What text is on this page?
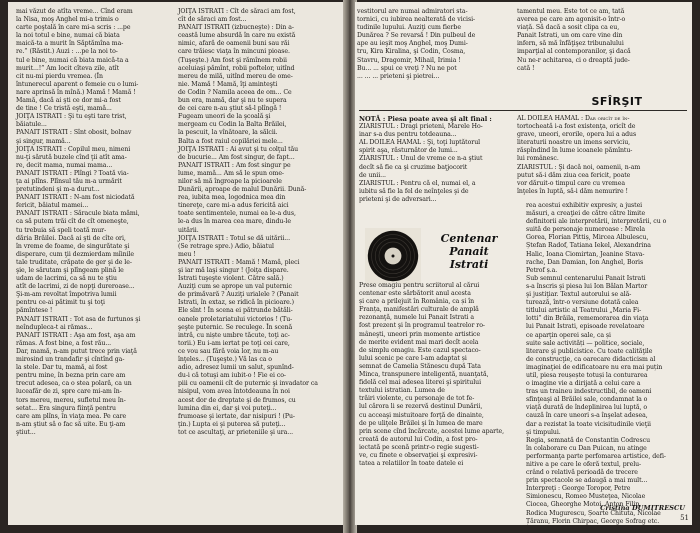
mai văzut de atîta vreme... Cînd eram

la Nisa, moş Anghel mi-a trimis o

carte poştală în care mi-a scris : ...pe

la noi totul e bine, numai că biata

maică-ta a murit în Săptămîna ma-

re.” (Răstit.) Auzi : ...pe la noi to-

tul e bine, numai că biata maică-ta a

murit...!” Am locit cîteva zile, atît

cit nu-mi pierdu vremea. (În

întunerecul aparent o femeie cu o lumi-

nare aprinsă în mînă.) Mamă ! Mamă !

Mamă, dacă ai şti ce dor mi-a fost

de tine ! Ce tristă eşti, mamă...

JOIŢA ISTRATI : Şi tu eşti tare trist,

băiatule...

PANAIT ISTRATI : Sînt obosit, bolnav

şi singur, mamă...

JOIŢA ISTRATI : Copilul meu, nimeni

nu-ţi sărută buzele cînd ţii atît ama-

re, decit mama, numai mama...

PANAIT ISTRATI : Plîngi ? Toată via-

ţa ai plîns. Plînsul tău m-a urmărit

pretutindeni şi m-a durut...

PANAIT ISTRATI : N-am fost niciodată

fericit, băiatul mamei...

PANAIT ISTRATI : Săracule biata mămi,

ca să putem trăi cît de cît omeneşte,

tu trebuia să speli toată mur-

dăria Brăilei. Dacă ai şti de cîte ori,

în vreme de foame, de singurătate şi

disperare, cum ţii dezmierdam mîinile

tale truditate, crăpate de ger şi de le-

şie, le sărutam şi plîngeam plină le

udam de lacrimi, ca să nu te ştiu

atît de lacrimi, zi de nopţi dureroase...

Şi-m-am revoltat împotriva lumii

pentru ce-ai pătimit tu şi toţi

pămîntese !

PANAIT ISTRATI : Tot asa de furtunos şi

neîndupleca-t ai rămas...

PANAIT ISTRATI : Aşa am fost, aşa am

rămas. A fost bine, a fost rău...

Dar, mamă, n-am putut trece prin viaţă

mirosind un trandafir şi cîntînd ga-

la stele. Dar tu, mamă, ai fost

pentru mine, în bezna prin care am

trecut adesea, ca o stea polară, ca un

luceafăr de zi, spre care mi-am în-

tors mereu, mereu, sufletul meu în-

setat... Era singura fiinţă pentru

care am plîns, în viaţa mea. Pe care

n-am ştiut să o fac să uite. Eu ţi-am

ştiut...

JOIŢA ISTRATI : Cît de săraci am fost,

cît de săraci am fost...

PANAIT ISTRATI (izbucneşte) : Din a-

ceastă lume absurdă în care nu există

nimic, afară de oamenii buni sau răi

care trăiesc viaţa în mincuni pioase.

(Tuşeşte.) Am fost şi rămînem robii

aceluiaşi pămînt, robii poftelor, uitînd

mereu de milă, uitînd mereu de ome-

nie. Mamă ! Mamă, îţi aminteşti

de Codin ? Namila aceea de om... Ce

bun era, mamă, dar şi nu te supera

de cei care n-au ştiut să-l plîngă !

Fugeam uneori de la şcoală şi

mergeam cu Codin la Balta Brăilei,

la pescuit, la vînătoare, la sălcii.

Balta a fost raiul copilăriei mele...

JOIŢA ISTRATI : Ai avut şi tu colţul tău

de bucurie... Am fost singur, de fapt...

PANAIT ISTRATI : Am fost singur pe

lume, mamă... Am să le spun ome-

nilor să mă îngroape la picioarele

Dunării, aproape de malul Dunării. Dună-

rea, iubita mea, logodnica mea din

tinereţe, care mi-a adus fericită aici

toate sentimentele, numai ea le-a dus,

le-a dus în marea cea mare, dindu-le

uitării.

JOIŢA ISTRATI : Totul se dă uitării...

(Se retrage spre.) Adio, băiatul

meu !

PANAIT ISTRATI : Mamă ! Mamă, pleci

şi iar mă laşi singur ! (Joiţa dispare.

Istrati tuşeşte violent. Către sală.)

Auziţi cum se aprope un val puternic

de primăvară ? Auziţi urialele ? (Panait

Istrati, în extaz, se ridică în picioare.)

Ele sînt ! În scena ei pătrunde bătăli-

oanele proletariatului victorios ! (Tu-

şeşte puternic. Se reculege. În scenă

intră, cu niște umbre tăcute, toţi ac-

torii.) Eu i-am iertat pe toţi cei care,

ce vou sau fără voia lor, nu m-au

înţeles... (Tuşeşte.) Vă las ca o

adio, adresez lumii un salut, spunînd-

du-i că totuşi am iubit-o ! Fie ei co-

piii cu oamenii cît de puternic şi invadator ca

nisipul, vom avea întotdeauna în noi

acest dor de dreptate şi de frumos, cu

lumina din ei, dar şi voi puteţi...

frumoase şi iertate, dar nisipuri ! (Pu-

ţin.) Lupta ei şi puterea să puteţi...

tot ce ascultaţi, ar prieteniile şi ura...

vestitorul are numai admiratori sta-

tornici, cu iubirea nealterată de vicisi-

tudinile lupului. Auziţi cum fierbe

Dunărea ? Se revarsă ! Din pulbeul de

ape au ieşit moş Anghel, moş Dumi-

tru, Kira Kiralina, şi Codin, Cosma,

Stavru, Dragomir, Mihail, Irimia !

Bu... ... spui ce vreţi ? Nu ne pot

... ... ... prieteni şi pietrei...

tamentul meu. Este tot ce am, tată

averea pe care am agonisit-o într-o

viaţă. Să dacă a sosit clipa ca eu,

Panait Istrati, un om care vine din

infern, să mă înfăţişez tribunalului

imparţial al contemporanilor, şi dacă

Nu ne-r achitarea, ci o dreaptă jude-

cată !

SFÎRŞIT

NOTĂ : Piesa poate avea şi alt final :

ZIARISTUL : Dragi prieteni, Marele Ho-

inar s-a dus pentru totdeauna...

AL DOILEA HAMAL : Şi, toţi luptătorul

spirit aşa, răsturnător de lumi...

ZIARISTUL : Unul de vreme ce n-a ştiut

decît să fie ca şi cruzime baţjocorit

de unii...

ZIARISTUL : Pentru că el, numai el, a

iubitu să fie la fel de neînţeles şi de

prieteni şi de adversari...

AL DOILEA HAMAL : Dar oricît de în-

tortocheată i-a fost existenţa, oricît de

grave, uneori, erorile, opera lui a adus

literaturii noastre un imens serviciu,

răspîndind în lume icoanele pămîntu-

lui românesc.

ZIARISTUL : Şi dacă noi, oamenii, n-am

putut să-i dăm ziua cea fericit, poate

vor dăruit-o timpul care cu vremea

înţeles în luptă, să-i dăm nemurire !

Centenar
Panait
Istrati

Prese omagiu pentru scriitorul al cărui

centenar este sărbătorit anul acesta

și care a prilejuit în România, ca și în

Franța, manifestări culturale de amplă

rezonanţă, numele lui Panait Istrati a

fost prezent şi în programul teatrelor ro-

mâneşti, uneori prin momente artistice

de merite evident mai mari decît acela

de simplu omagiu. Este cazul spectaco-

lului scenic pe care l-am adaptat și

semnat de Camelia Stănescu după Tata

Minca, transpunere inteligentă, nuanţată,

fidelă cel mai adesea literei şi spiritului

textului istratian. Lumea de

trăiri violente, cu personaje de tot fe-

lul cărora li se rezervă destinul Dunării,

cu acceaşi mistuitoare forţă de dinainte,

de pe uliţele Brăilei şi în lumea de mare

prin scene cînd încărcate, acestei lume aparte,

creată de autorul lui Codin, a fost pro-

iectată pe scenă printr-o regie sugesti-

ve, cu finete e observaţiei şi expresivi-

tatea a relatiilor în toate datele ei

rea acestui exhibitiv expresiv, a justei

măsuri, a creaţiei de către către limite

definitorii ale interpretării, interpretării, cu o

suită de personaje numeroase : Mirela

Gorea, Florian Pittiș, Mircea Albulescu,

Ștefan Radof, Tatiana Iekel, Alexandrina

Halic, Ioana Ciomirtan, Jeanine Stava-

rache, Dan Damian, Ion Anghel, Boris

Petrof ș.a.

Sub semnul centenarului Panait Istrati

s-a înscris şi piesa lui Ion Bălan Martor

şi justiţiar. Textul autorului se ală-

turează, într-o versiune dotată calea

titlului artistic al Teatrului „Maria Fi-

lotti” din Brăila, rememorarea din viaţa

lui Panait Istrati, episoade revelatoare

ce aparţin operei sale, ca și

suite sale activități — politice, sociale,

literare şi publicistice. Cu toate calităţile

de construcţie, ca oarecare didacticism al

imaginaţiei de edificatoare nu era mai puțin

util, piesa reușește totuși la conturarea

o imagine vie a dirijată a celui care a

tras un traineu indestructibil, de oameni

sfinţeaşi al Brăilei sale, condamnat la o

viaţă durată de îndeplinirea lui luptă, o

cauză în care uneori s-a înşelat adesea,

dar a rezistat la toate vicisitudinile vieţii

şi timpului.

Regia, semnată de Constantin Codrescu

în colaborare cu Dan Puican, nu atinge

performanţa parte perfomarea artistice, defi-

nitive a pe care le oferă textul, prelu-

crând o relativă perioadă de trecere

prin spectacole se adaugă a mai mult...

Interpreţi : George Toropor, Petre

Simionescu, Romeo Musteţea, Nicolae

Ciocea, Gheorghe Motoi, Anton Filip,

Rodica Mugurescu, Șoarte Chituta, Nicolae

Țăranu, Florin Chirpac, George Sofrag etc.

Cristina DUMITRESCU
51
